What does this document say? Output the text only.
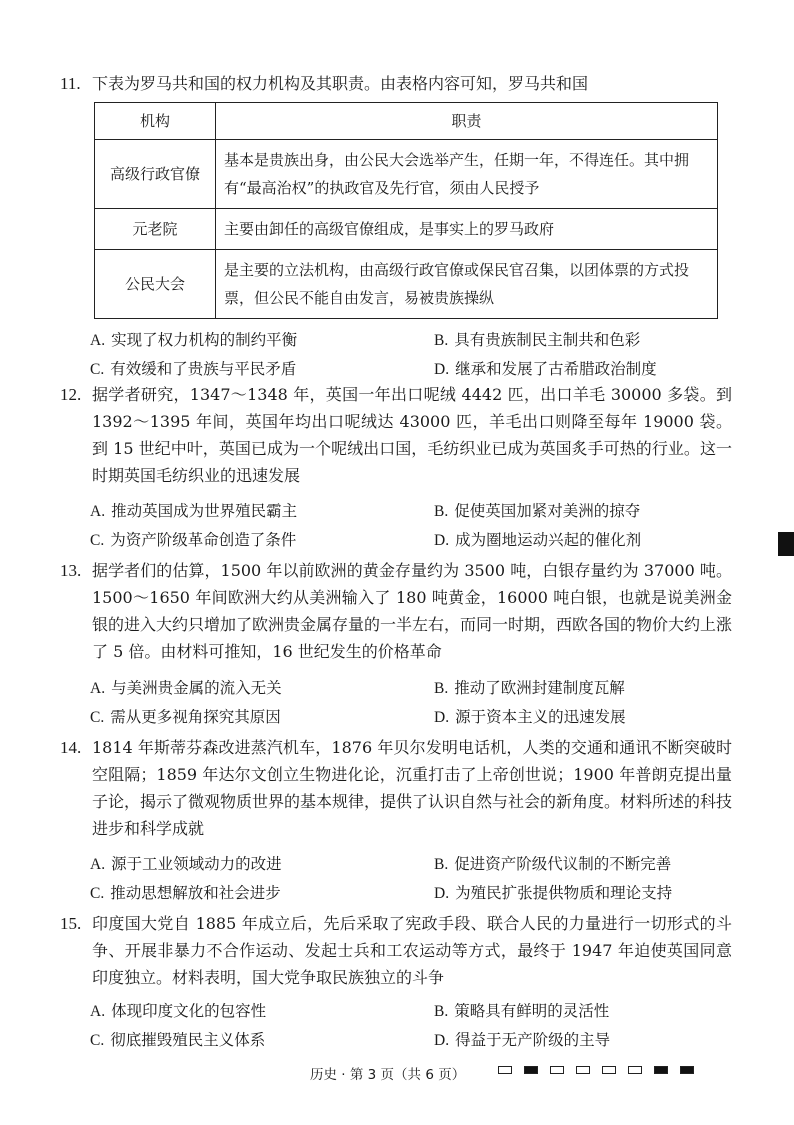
11. 下表为罗马共和国的权力机构及其职责。由表格内容可知，罗马共和国
机构	职责
高级行政官僚	基本是贵族出身，由公民大会选举产生，任期一年，不得连任。其中拥有“最高治权”的执政官及先行官，须由人民授予
元老院	主要由卸任的高级官僚组成，是事实上的罗马政府
公民大会	是主要的立法机构，由高级行政官僚或保民官召集，以团体票的方式投票，但公民不能自由发言，易被贵族操纵
A. 实现了权力机构的制约平衡	B. 具有贵族制民主制共和色彩
C. 有效缓和了贵族与平民矛盾	D. 继承和发展了古希腊政治制度
12. 据学者研究，1347～1348 年，英国一年出口呢绒 4442 匹，出口羊毛 30000 多袋。到 1392～1395 年间，英国年均出口呢绒达 43000 匹，羊毛出口则降至每年 19000 袋。到 15 世纪中叶，英国已成为一个呢绒出口国，毛纺织业已成为英国炙手可热的行业。这一时期英国毛纺织业的迅速发展
A. 推动英国成为世界殖民霸主	B. 促使英国加紧对美洲的掠夺
C. 为资产阶级革命创造了条件	D. 成为圈地运动兴起的催化剂
13. 据学者们的估算，1500 年以前欧洲的黄金存量约为 3500 吨，白银存量约为 37000 吨。1500～1650 年间欧洲大约从美洲输入了 180 吨黄金，16000 吨白银，也就是说美洲金银的进入大约只增加了欧洲贵金属存量的一半左右，而同一时期，西欧各国的物价大约上涨了 5 倍。由材料可推知，16 世纪发生的价格革命
A. 与美洲贵金属的流入无关	B. 推动了欧洲封建制度瓦解
C. 需从更多视角探究其原因	D. 源于资本主义的迅速发展
14. 1814 年斯蒂芬森改进蒸汽机车，1876 年贝尔发明电话机，人类的交通和通讯不断突破时空阻隔；1859 年达尔文创立生物进化论，沉重打击了上帝创世说；1900 年普朗克提出量子论，揭示了微观物质世界的基本规律，提供了认识自然与社会的新角度。材料所述的科技进步和科学成就
A. 源于工业领域动力的改进	B. 促进资产阶级代议制的不断完善
C. 推动思想解放和社会进步	D. 为殖民扩张提供物质和理论支持
15. 印度国大党自 1885 年成立后，先后采取了宪政手段、联合人民的力量进行一切形式的斗争、开展非暴力不合作运动、发起士兵和工农运动等方式，最终于 1947 年迫使英国同意印度独立。材料表明，国大党争取民族独立的斗争
A. 体现印度文化的包容性	B. 策略具有鲜明的灵活性
C. 彻底摧毁殖民主义体系	D. 得益于无产阶级的主导
历史 · 第 3 页（共 6 页）
